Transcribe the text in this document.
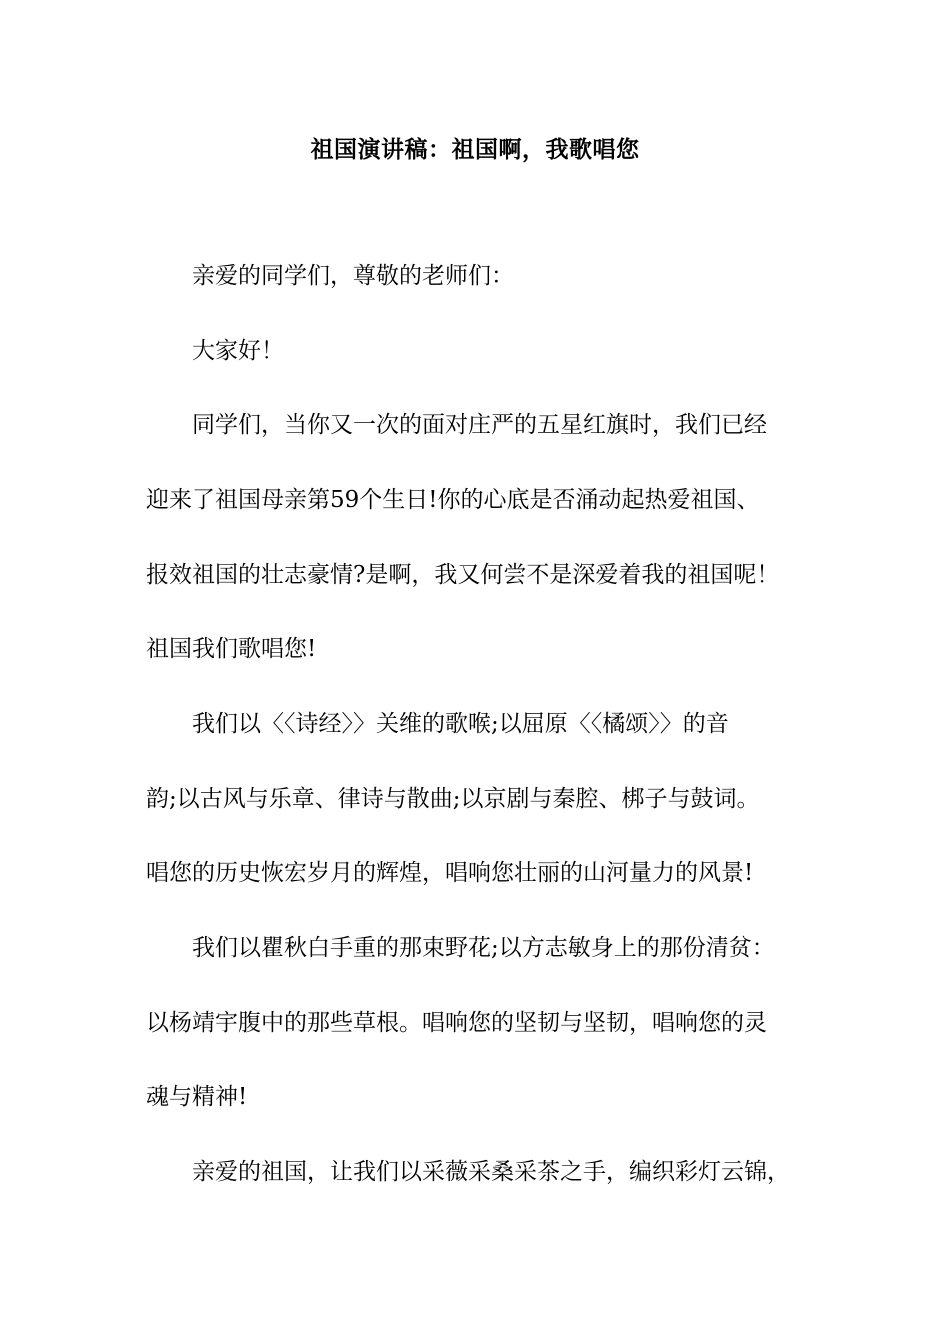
祖国演讲稿：祖国啊，我歌唱您
亲爱的同学们，尊敬的老师们：
大家好！
同学们，当你又一次的面对庄严的五星红旗时，我们已经
迎来了祖国母亲第59个生日!你的心底是否涌动起热爱祖国、
报效祖国的壮志豪情?是啊，我又何尝不是深爱着我的祖国呢！
祖国我们歌唱您!
我们以〈〈诗经〉〉关维的歌喉;以屈原〈〈橘颂〉〉的音
韵;以古风与乐章、律诗与散曲;以京剧与秦腔、梆子与鼓词。
唱您的历史恢宏岁月的辉煌，唱响您壮丽的山河量力的风景!
我们以瞿秋白手重的那束野花;以方志敏身上的那份清贫：
以杨靖宇腹中的那些草根。唱响您的坚韧与坚韧，唱响您的灵
魂与精神!
亲爱的祖国，让我们以采薇采桑采茶之手，编织彩灯云锦，
